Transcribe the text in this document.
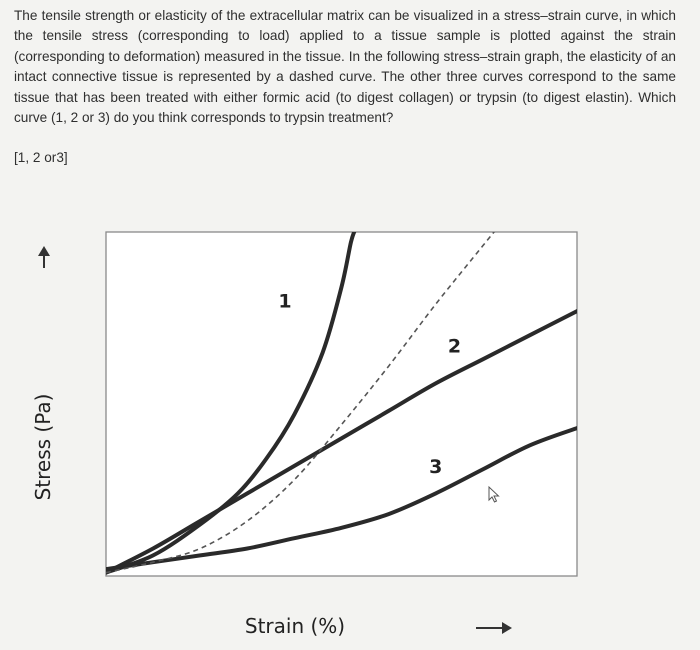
The tensile strength or elasticity of the extracellular matrix can be visualized in a stress–strain curve, in which the tensile stress (corresponding to load) applied to a tissue sample is plotted against the strain (corresponding to deformation) measured in the tissue. In the following stress–strain graph, the elasticity of an intact connective tissue is represented by a dashed curve. The other three curves correspond to the same tissue that has been treated with either formic acid (to digest collagen) or trypsin (to digest elastin). Which curve (1, 2 or 3) do you think corresponds to trypsin treatment?
[1, 2 or3]
1
2
3
Stress (Pa)
Strain (%)
